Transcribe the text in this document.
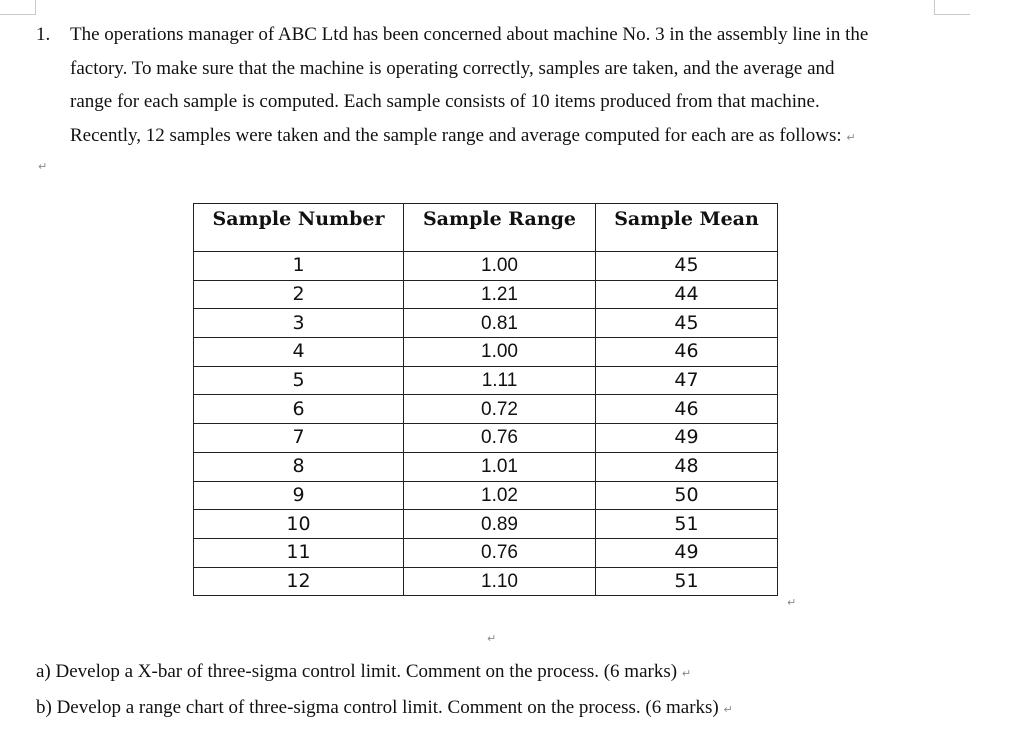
1. The operations manager of ABC Ltd has been concerned about machine No. 3 in the assembly line in the
factory. To make sure that the machine is operating correctly, samples are taken, and the average and
range for each sample is computed. Each sample consists of 10 items produced from that machine.
Recently, 12 samples were taken and the sample range and average computed for each are as follows: ↵
↵
Sample Number	Sample Range	Sample Mean
1	1.00	45
2	1.21	44
3	0.81	45
4	1.00	46
5	1.11	47
6	0.72	46
7	0.76	49
8	1.01	48
9	1.02	50
10	0.89	51
11	0.76	49
12	1.10	51
↵
↵
a) Develop a X-bar of three-sigma control limit. Comment on the process. (6 marks) ↵
b) Develop a range chart of three-sigma control limit. Comment on the process. (6 marks) ↵
